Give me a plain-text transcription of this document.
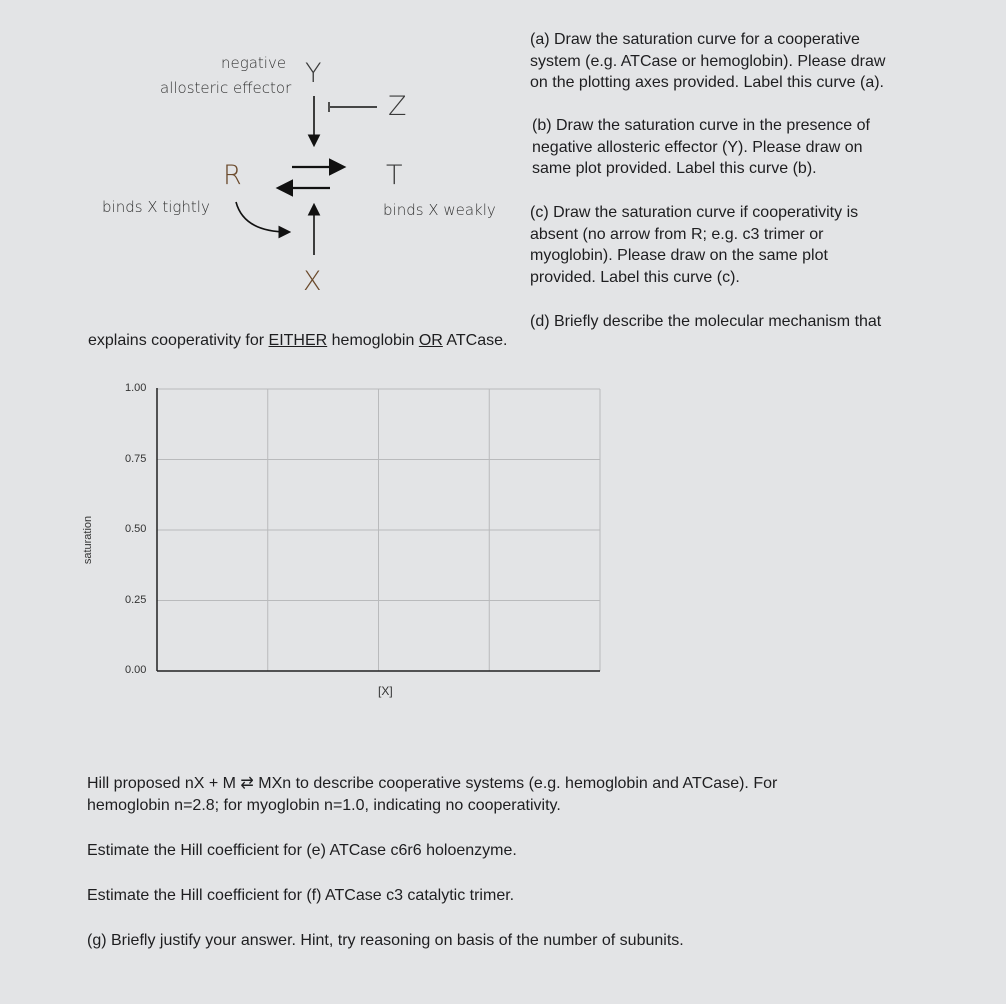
negative
allosteric effector Y
Z
R	T
X
binds X tightly	binds X weakly
(a) Draw the saturation curve for a cooperative
system (e.g. ATCase or hemoglobin). Please draw
on the plotting axes provided. Label this curve (a).
(b) Draw the saturation curve in the presence of
negative allosteric effector (Y). Please draw on
same plot provided. Label this curve (b).
(c) Draw the saturation curve if cooperativity is
absent (no arrow from R; e.g. c3 trimer or
myoglobin). Please draw on the same plot
provided. Label this curve (c).
(d) Briefly describe the molecular mechanism that
explains cooperativity for EITHER hemoglobin OR ATCase.
saturation
[X]
0.00
0.25
0.50
0.75
1.00
Hill proposed nX + M ⇄ MXn to describe cooperative systems (e.g. hemoglobin and ATCase). For
hemoglobin n=2.8; for myoglobin n=1.0, indicating no cooperativity.
Estimate the Hill coefficient for (e) ATCase c6r6 holoenzyme.
Estimate the Hill coefficient for (f) ATCase c3 catalytic trimer.
(g) Briefly justify your answer. Hint, try reasoning on basis of the number of subunits.
